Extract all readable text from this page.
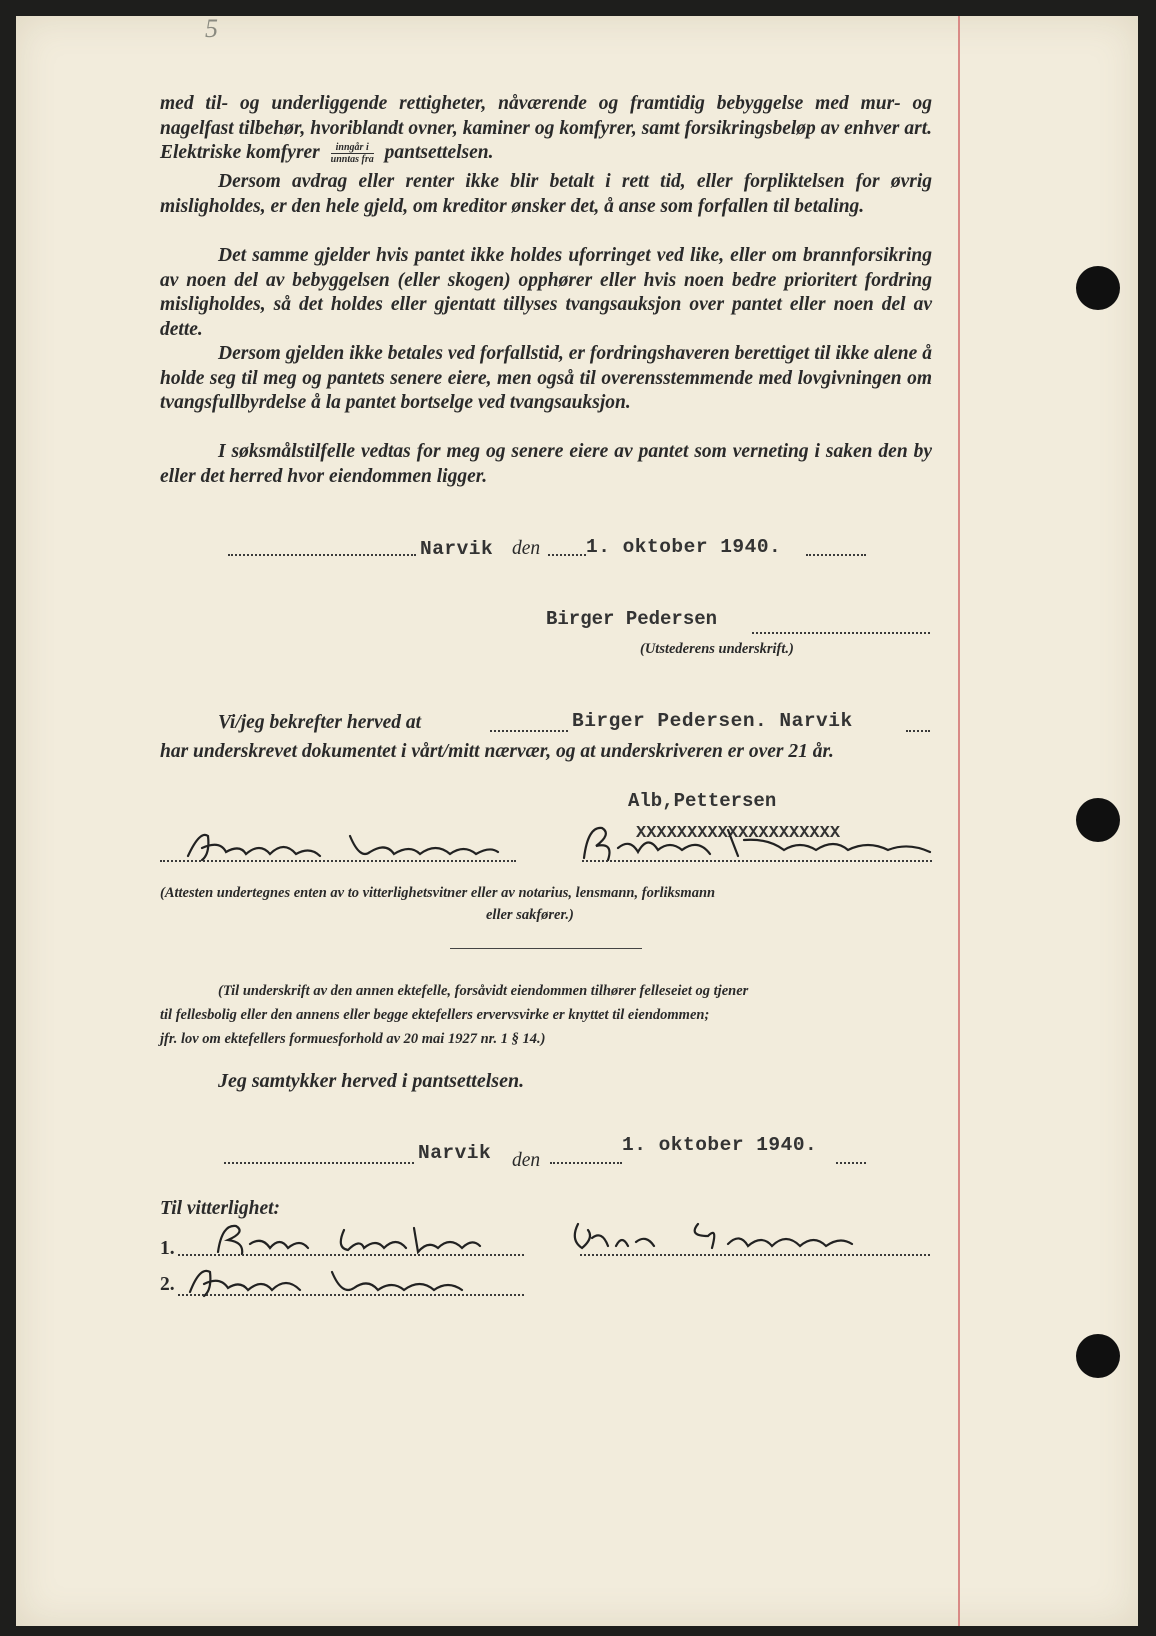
5
med til- og underliggende rettigheter, nåværende og framtidig bebyggelse med mur- og nagelfast tilbehør, hvoriblandt ovner, kaminer og komfyrer, samt forsikringsbeløp av enhver art. Elektriske komfyrer $\frac{\text{inngår i}}{\text{unntas fra}}$ pantsettelsen.
Dersom avdrag eller renter ikke blir betalt i rett tid, eller forpliktelsen for øvrig misligholdes, er den hele gjeld, om kreditor ønsker det, å anse som forfallen til betaling.
Det samme gjelder hvis pantet ikke holdes uforringet ved like, eller om brannforsikring av noen del av bebyggelsen (eller skogen) opphører eller hvis noen bedre prioritert fordring misligholdes, så det holdes eller gjentatt tillyses tvangsauksjon over pantet eller noen del av dette.
Dersom gjelden ikke betales ved forfallstid, er fordringshaveren berettiget til ikke alene å holde seg til meg og pantets senere eiere, men også til overensstemmende med lovgivningen om tvangsfullbyrdelse å la pantet bortselge ved tvangsauksjon.
I søksmålstilfelle vedtas for meg og senere eiere av pantet som verneting i saken den by eller det herred hvor eiendommen ligger.
Narvik den 1. oktober 1940.
Birger Pedersen
(Utstederens underskrift.)
Vi/jeg bekrefter herved at	Birger Pedersen. Narvik
har underskrevet dokumentet i vårt/mitt nærvær, og at underskriveren er over 21 år.
Alb,Pettersen
XXXXXXXXXXXXXXXXXXXX
(Attesten undertegnes enten av to vitterlighetsvitner eller av notarius, lensmann, forliksmann
eller sakfører.)
(Til underskrift av den annen ektefelle, forsåvidt eiendommen tilhører felleseiet og tjener
til fellesbolig eller den annens eller begge ektefellers ervervsvirke er knyttet til eiendommen;
jfr. lov om ektefellers formuesforhold av 20 mai 1927 nr. 1 § 14.)
Jeg samtykker herved i pantsettelsen.
Narvik den
1. oktober 1940.
Til vitterlighet:
1.
2.
